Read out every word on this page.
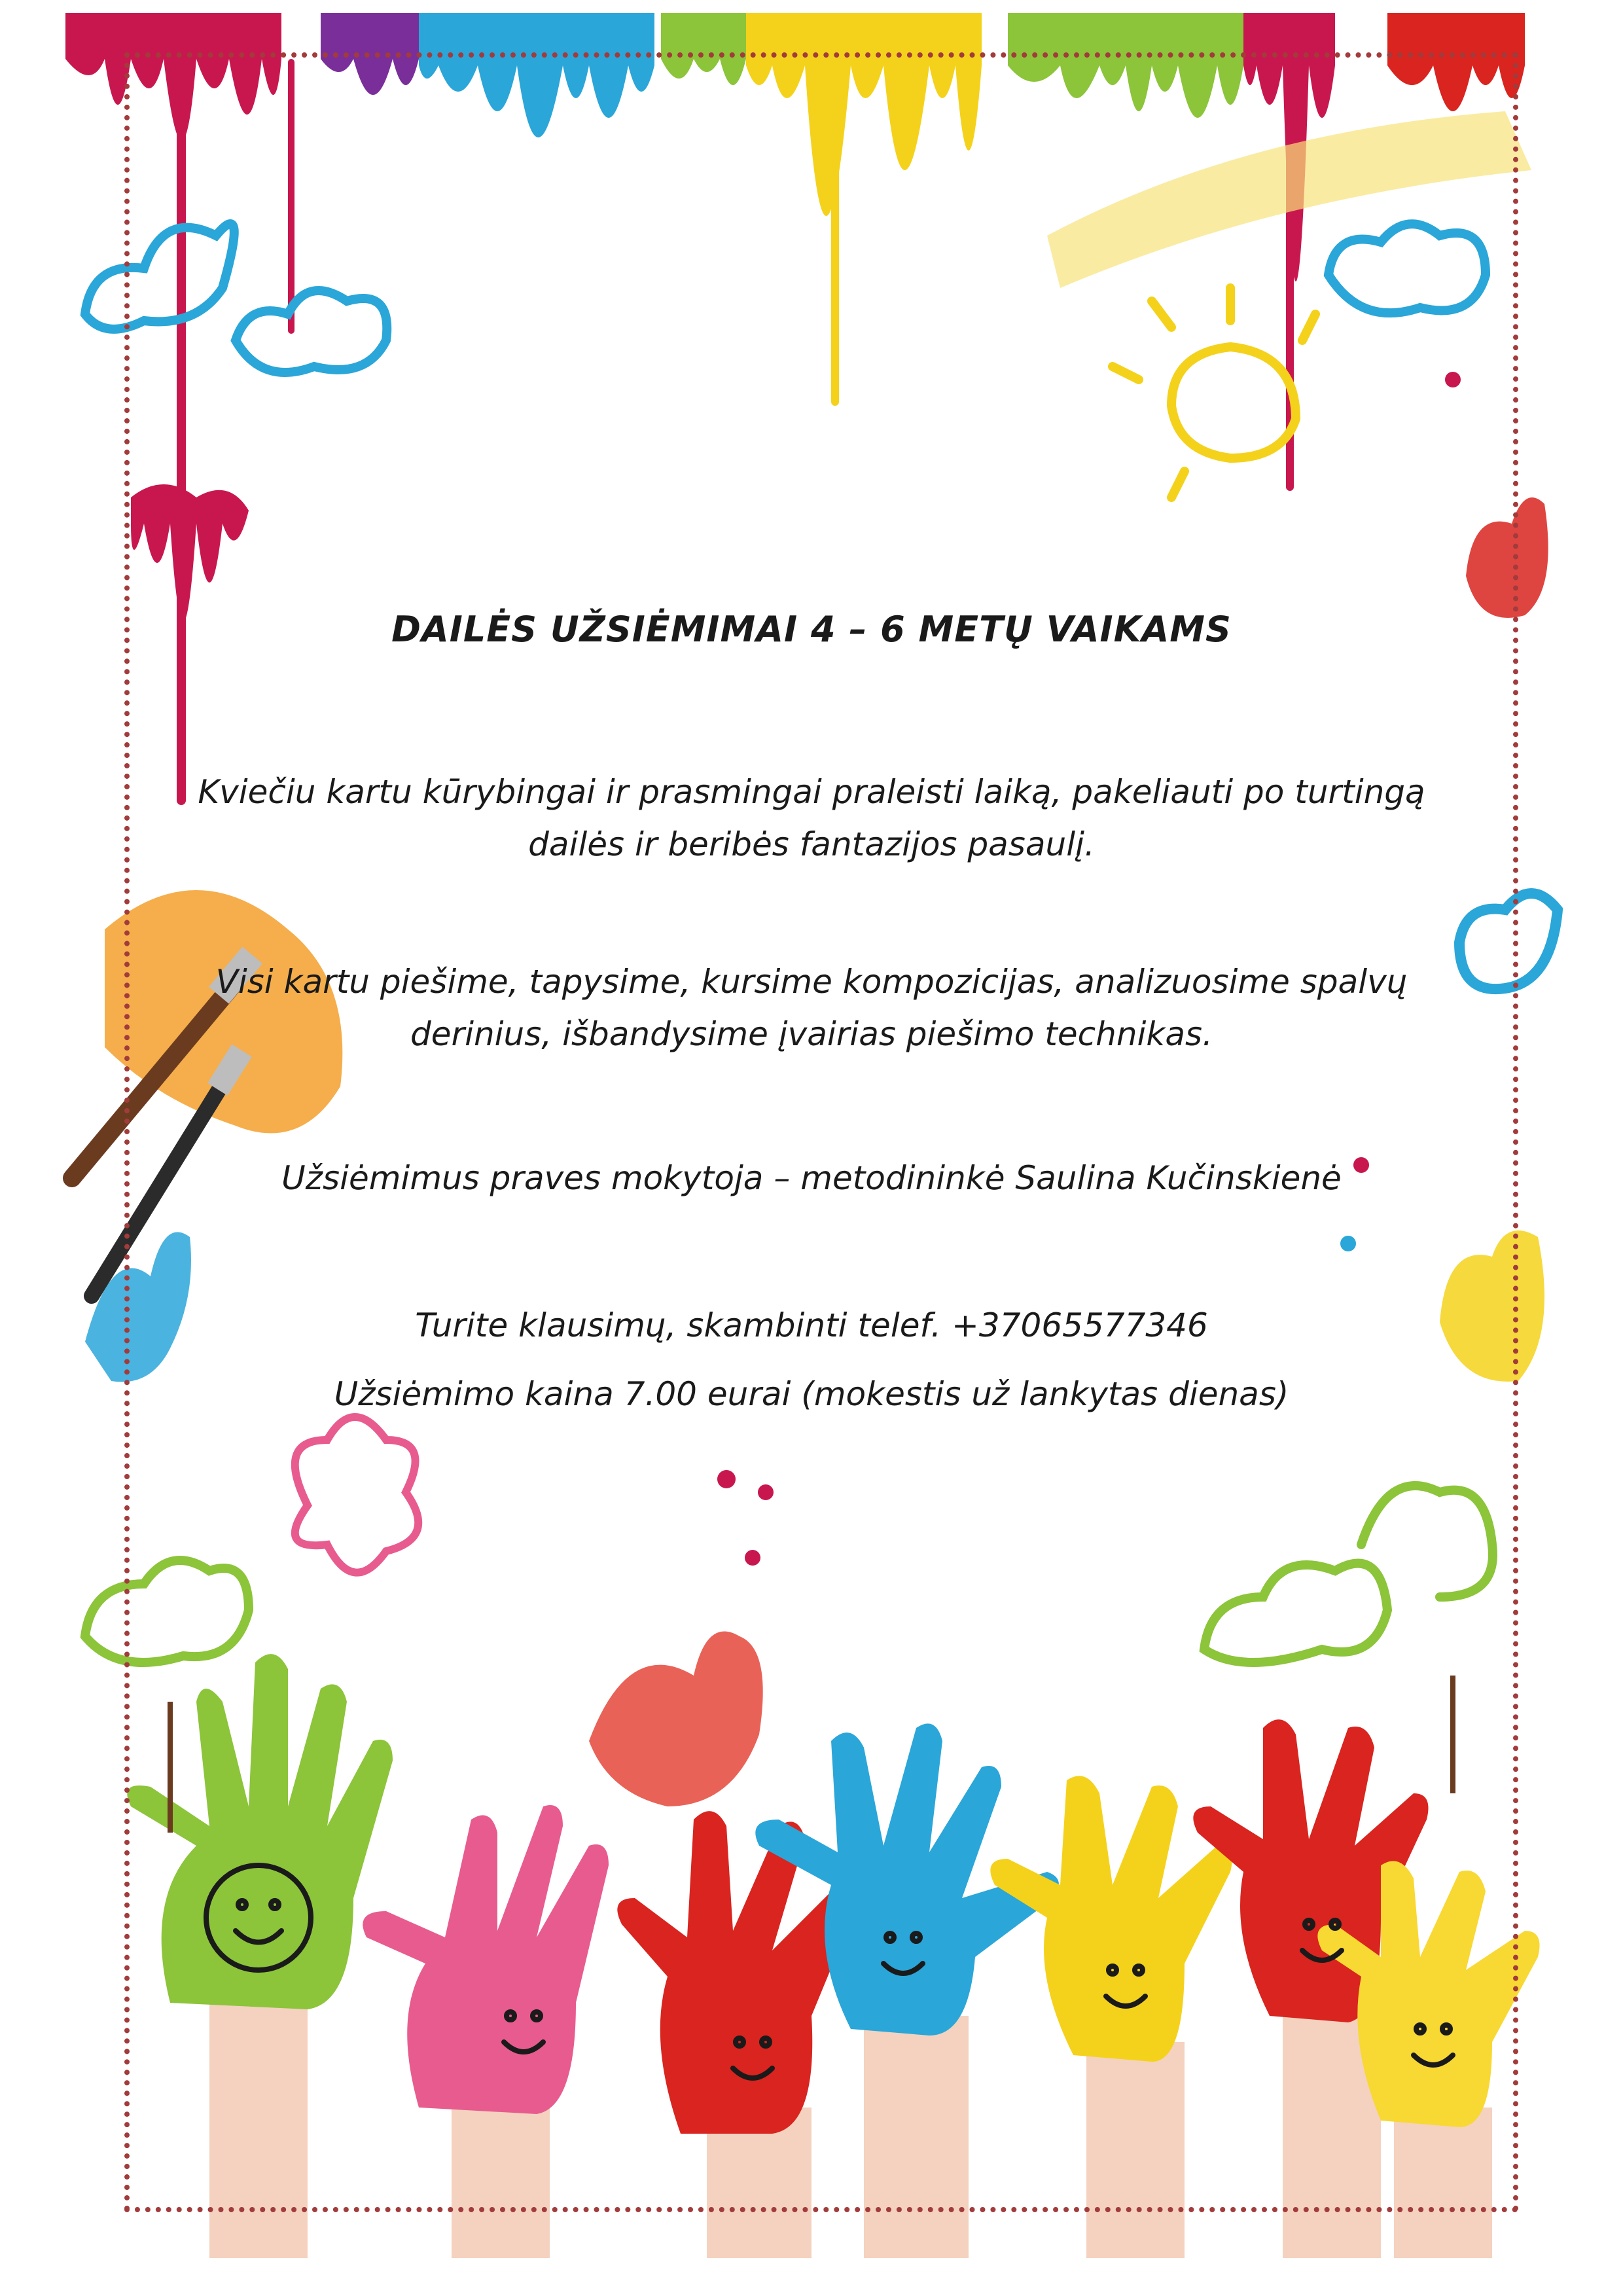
DAILĖS UŽSIĖMIMAI 4 – 6 METŲ VAIKAMS

Kviečiu kartu kūrybingai ir prasmingai praleisti laiką, pakeliauti po turtingą
dailės ir beribės fantazijos pasaulį.

Visi kartu piešime, tapysime, kursime kompozicijas, analizuosime spalvų
derinius, išbandysime įvairias piešimo technikas.

Užsiėmimus praves mokytoja – metodininkė Saulina Kučinskienė

Turite klausimų, skambinti telef. +37065577346

Užsiėmimo kaina 7.00 eurai (mokestis už lankytas dienas)
